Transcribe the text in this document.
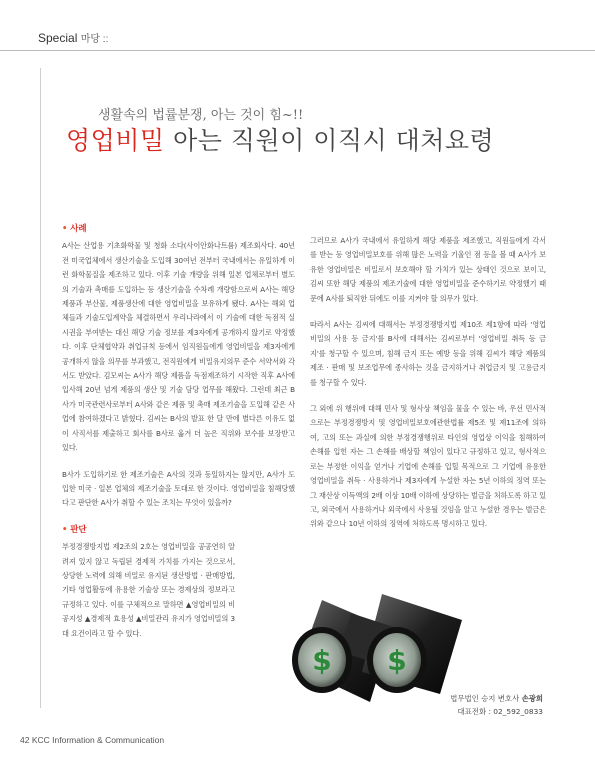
Special 마당 ::
생활속의 법률분쟁, 아는 것이 힘~!!
영업비밀 아는 직원이 이직시 대처요령
• 사례

A사는 산업용 기초화학물 및 청화 소다(사이안화나트륨) 제조회사다. 40년 전 미국업체에서 생산기술을 도입해 30여년 전부터 국내에서는 유일하게 이런 화학물질을 제조하고 있다. 이후 기술 개량을 위해 일본 업체로부터 별도의 기술과 촉매를 도입하는 등 생산기술을 수차례 개량함으로써 A사는 해당 제품과 부산물, 제품생산에 대한 영업비밀을 보유하게 됐다. A사는 해외 업체들과 기술도입계약을 체결하면서 우리나라에서 이 기술에 대한 독점적 실시권을 부여받는 대신 해당 기술 정보를 제3자에게 공개하지 않기로 약정했다. 이후 단체협약과 취업규칙 등에서 임직원들에게 영업비밀을 제3자에게 공개하지 않을 의무를 부과했고, 전직원에게 비밀유지의무 준수 서약서와 각서도 받았다. 김모씨는 A사가 해당 제품을 독점제조하기 시작한 직후 A사에 입사해 20년 넘게 제품의 생산 및 기술 담당 업무를 해왔다. 그런데 최근 B사가 미국관련사로부터 A사와 같은 제품 및 촉매 제조기술을 도입해 같은 사업에 참여하겠다고 밝혔다. 김씨는 B사의 발표 한 달 만에 별다른 이유도 없이 사직서를 제출하고 회사를 B사로 옮겨 더 높은 직위와 보수를 보장받고 있다.

B사가 도입하기로 한 제조기술은 A사의 것과 동일하지는 않지만, A사가 도입한 미국 · 일본 업체의 제조기술을 토대로 한 것이다. 영업비밀을 침해당했다고 판단한 A사가 취할 수 있는 조치는 무엇이 있을까?

• 판단

부정경쟁방지법 제2조의 2호는 영업비밀을 공공연히 알려져 있지 않고 독립된 경제적 가치를 가지는 것으로서, 상당한 노력에 의해 비밀로 유지된 생산방법 · 판매방법, 기타 영업활동에 유용한 기술상 또는 경제상의 정보라고 규정하고 있다. 이를 구체적으로 말하면 ▲영업비밀의 비공지성 ▲경제적 효용성 ▲비밀관리 유지가 영업비밀의 3대 요건이라고 할 수 있다.

그러므로 A사가 국내에서 유일하게 해당 제품을 제조했고, 직원들에게 각서를 받는 등 영업비밀보호를 위해 많은 노력을 기울인 점 등을 볼 때 A사가 보유한 영업비밀은 비밀로서 보호해야 할 가치가 있는 상태인 것으로 보이고, 김씨 또한 해당 제품의 제조기술에 대한 영업비밀을 준수하기로 약정했기 때문에 A사를 퇴직한 뒤에도 이를 지켜야 할 의무가 있다.

따라서 A사는 김씨에 대해서는 부정경쟁방지법 제10조 제1항에 따라 '영업비밀의 사용 등 금지'를 B사에 대해서는 김씨로부터 '영업비밀 취득 등 금지'를 청구할 수 있으며, 침해 금지 또는 예방 등을 위해 김씨가 해당 제품의 제조 · 판매 및 보조업무에 종사하는 것을 금지하거나 취업금지 및 고용금지를 청구할 수 있다.

그 외에 위 행위에 대해 민사 및 형사상 책임을 물을 수 있는 바, 우선 민사적으로는 부정경쟁방지 및 영업비밀보호에관한법률 제5조 및 제11조에 의하여, 고의 또는 과실에 의한 부정경쟁행위로 타인의 영업상 이익을 침해하여 손해를 입힌 자는 그 손해를 배상할 책임이 있다고 규정하고 있고, 형사적으로는 부정한 이익을 얻거나 기업에 손해를 입힐 목적으로 그 기업에 유용한 영업비밀을 취득 · 사용하거나 제3자에게 누설한 자는 5년 이하의 징역 또는 그 재산상 이득액의 2배 이상 10배 이하에 상당하는 벌금을 처하도록 하고 있고, 외국에서 사용하거나 외국에서 사용될 것임을 알고 누설한 경우는 벌금은 위와 같으나 10년 이하의 징역에 처하도록 명시하고 있다.

$ $
법무법인 승지 변호사 손광희
대표전화 : 02_592_0833
42 KCC Information & Communication
